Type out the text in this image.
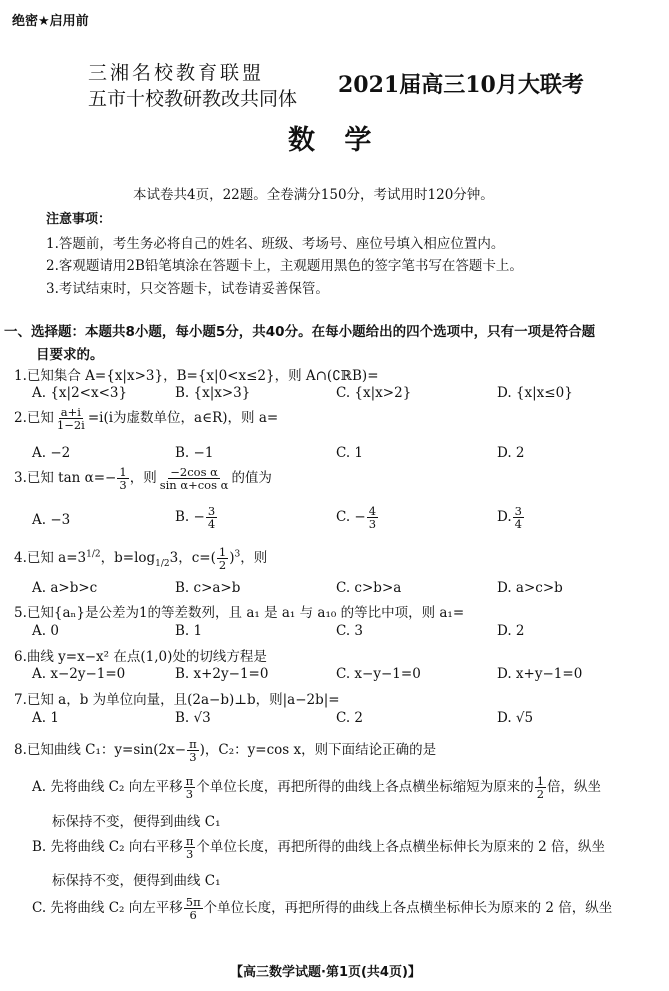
绝密★启用前
三湘名校教育联盟
五市十校教研教改共同体
2021届高三10月大联考
数 学
本试卷共4页，22题。全卷满分150分，考试用时120分钟。
注意事项：
1.答题前，考生务必将自己的姓名、班级、考场号、座位号填入相应位置内。
2.客观题请用2B铅笔填涂在答题卡上，主观题用黑色的签字笔书写在答题卡上。
3.考试结束时，只交答题卡，试卷请妥善保管。
一、选择题：本题共8小题，每小题5分，共40分。在每小题给出的四个选项中，只有一项是符合题
目要求的。
1.已知集合 A={x|x>3}，B={x|0<x≤2}，则 A∩(∁ℝB)=
A. {x|2<x<3}	B. {x|x>3}	C. {x|x>2}	D. {x|x≤0}
2.已知 $\frac{a+i}{1-2i} =i(i$为虚数单位，a∈R)，则 a=
A. −2	B. −1	C. 1	D. 2
3.已知 $\tan \alpha=- \frac{1}{3}$ ，则 $\frac{\text{−2cos α}}{\text{sin α+cos α}}$ 的值为
A. −3	B. − $\frac{3}{4}$	C. − $\frac{4}{3}$	D. $\frac{3}{4}$
4.已知 $a=3^{1/2}$，$b=\log_{1/2}3$，$c=( \frac{1}{2} )^3$，则
A. a>b>c	B. c>a>b	C. c>b>a	D. a>c>b
5.已知{aₙ}是公差为1的等差数列，且 a₁ 是 a₁ 与 a₁₀ 的等比中项，则 a₁=
A. 0	B. 1	C. 3	D. 2
6.曲线 y=x−x² 在点(1,0)处的切线方程是
A. x−2y−1=0	B. x+2y−1=0	C. x−y−1=0	D. x+y−1=0
7.已知 a，b 为单位向量，且(2a−b)⊥b，则|a−2b|=
A. 1	B. √3	C. 2	D. √5
8.已知曲线 C₁：$y=\sin(2x- \frac{\pi}{3}$ )，C₂：y=cos x，则下面结论正确的是
A. 先将曲线 C₂ 向左平移 $\frac{\pi}{3}$ 个单位长度，再把所得的曲线上各点横坐标缩短为原来的 $\frac{1}{2}$ 倍，纵坐
标保持不变，便得到曲线 C₁
B. 先将曲线 C₂ 向右平移 $\frac{\pi}{3}$ 个单位长度，再把所得的曲线上各点横坐标伸长为原来的 2 倍，纵坐
标保持不变，便得到曲线 C₁
C. 先将曲线 C₂ 向左平移 $\frac{5\pi}{6}$ 个单位长度，再把所得的曲线上各点横坐标伸长为原来的 2 倍，纵坐
【高三数学试题·第1页(共4页)】
